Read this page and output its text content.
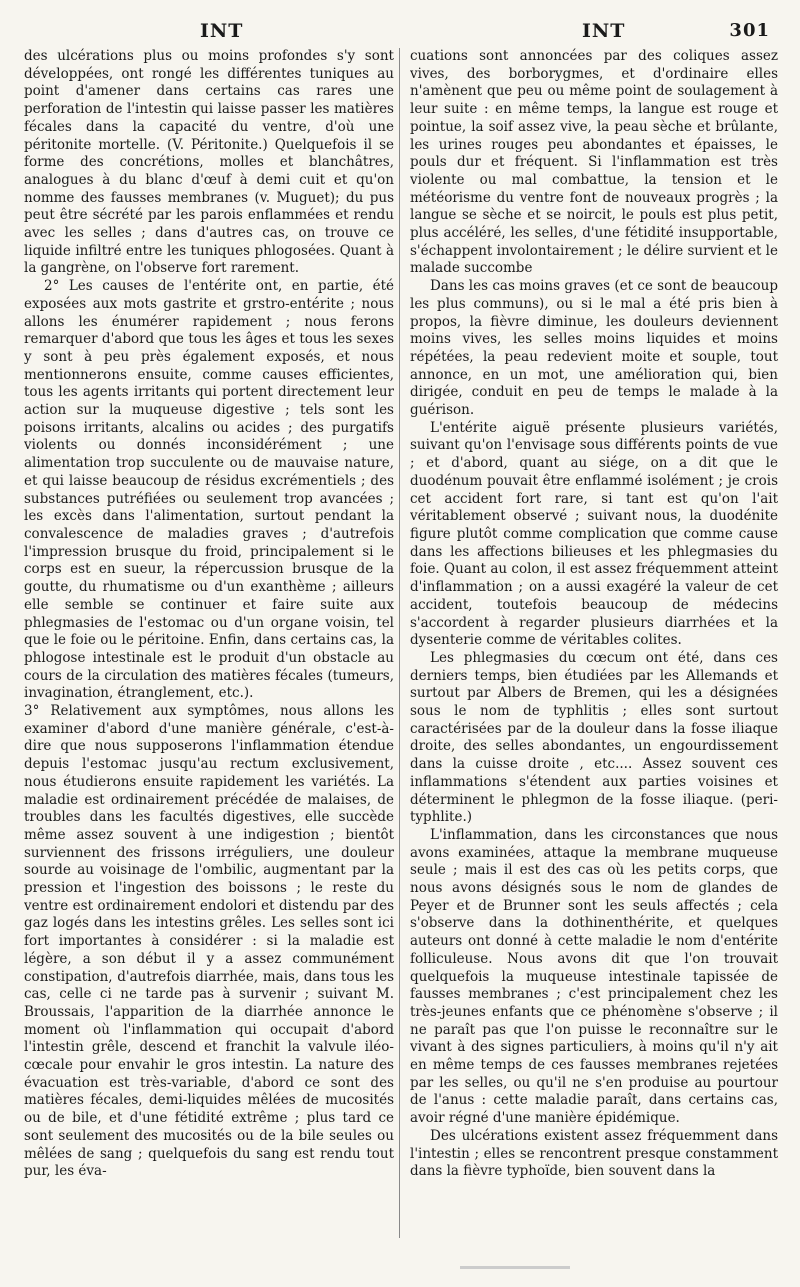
INT	INT	301

des ulcérations plus ou moins profondes s'y sont développées, ont rongé les différentes tuniques au point d'amener dans certains cas rares une perforation de l'intestin qui laisse passer les matières fécales dans la capacité du ventre, d'où une péritonite mortelle. (V. Péritonite.) Quelquefois il se forme des concrétions, molles et blanchâtres, analogues à du blanc d'œuf à demi cuit et qu'on nomme des fausses membranes (v. Muguet); du pus peut être sécrété par les parois enflammées et rendu avec les selles ; dans d'autres cas, on trouve ce liquide infiltré entre les tuniques phlogosées. Quant à la gangrène, on l'observe fort rarement.

2° Les causes de l'entérite ont, en partie, été exposées aux mots gastrite et grstro-entérite ; nous allons les énumérer rapidement ; nous ferons remarquer d'abord que tous les âges et tous les sexes y sont à peu près également exposés, et nous mentionnerons ensuite, comme causes efficientes, tous les agents irritants qui portent directement leur action sur la muqueuse digestive ; tels sont les poisons irritants, alcalins ou acides ; des purgatifs violents ou donnés inconsidérément ; une alimentation trop succulente ou de mauvaise nature, et qui laisse beaucoup de résidus excrémentiels ; des substances putréfiées ou seulement trop avancées ; les excès dans l'alimentation, surtout pendant la convalescence de maladies graves ; d'autrefois l'impression brusque du froid, principalement si le corps est en sueur, la répercussion brusque de la goutte, du rhumatisme ou d'un exanthème ; ailleurs elle semble se continuer et faire suite aux phlegmasies de l'estomac ou d'un organe voisin, tel que le foie ou le péritoine. Enfin, dans certains cas, la phlogose intestinale est le produit d'un obstacle au cours de la circulation des matières fécales (tumeurs, invagination, étranglement, etc.).

3° Relativement aux symptômes, nous allons les examiner d'abord d'une manière générale, c'est-à-dire que nous supposerons l'inflammation étendue depuis l'estomac jusqu'au rectum exclusivement, nous étudierons ensuite rapidement les variétés. La maladie est ordinairement précédée de malaises, de troubles dans les facultés digestives, elle succède même assez souvent à une indigestion ; bientôt surviennent des frissons irréguliers, une douleur sourde au voisinage de l'ombilic, augmentant par la pression et l'ingestion des boissons ; le reste du ventre est ordinairement endolori et distendu par des gaz logés dans les intestins grêles. Les selles sont ici fort importantes à considérer : si la maladie est légère, a son début il y a assez communément constipation, d'autrefois diarrhée, mais, dans tous les cas, celle ci ne tarde pas à survenir ; suivant M. Broussais, l'apparition de la diarrhée annonce le moment où l'inflammation qui occupait d'abord l'intestin grêle, descend et franchit la valvule iléo-cœcale pour envahir le gros intestin. La nature des évacuation est très-variable, d'abord ce sont des matières fécales, demi-liquides mêlées de mucosités ou de bile, et d'une fétidité extrême ; plus tard ce sont seulement des mucosités ou de la bile seules ou mêlées de sang ; quelquefois du sang est rendu tout pur, les éva-

cuations sont annoncées par des coliques assez vives, des borborygmes, et d'ordinaire elles n'amènent que peu ou même point de soulagement à leur suite : en même temps, la langue est rouge et pointue, la soif assez vive, la peau sèche et brûlante, les urines rouges peu abondantes et épaisses, le pouls dur et fréquent. Si l'inflammation est très violente ou mal combattue, la tension et le météorisme du ventre font de nouveaux progrès ; la langue se sèche et se noircit, le pouls est plus petit, plus accéléré, les selles, d'une fétidité insupportable, s'échappent involontairement ; le délire survient et le malade succombe

Dans les cas moins graves (et ce sont de beaucoup les plus communs), ou si le mal a été pris bien à propos, la fièvre diminue, les douleurs deviennent moins vives, les selles moins liquides et moins répétées, la peau redevient moite et souple, tout annonce, en un mot, une amélioration qui, bien dirigée, conduit en peu de temps le malade à la guérison.

L'entérite aiguë présente plusieurs variétés, suivant qu'on l'envisage sous différents points de vue ; et d'abord, quant au siége, on a dit que le duodénum pouvait être enflammé isolément ; je crois cet accident fort rare, si tant est qu'on l'ait véritablement observé ; suivant nous, la duodénite figure plutôt comme complication que comme cause dans les affections bilieuses et les phlegmasies du foie. Quant au colon, il est assez fréquemment atteint d'inflammation ; on a aussi exagéré la valeur de cet accident, toutefois beaucoup de médecins s'accordent à regarder plusieurs diarrhées et la dysenterie comme de véritables colites.

Les phlegmasies du cœcum ont été, dans ces derniers temps, bien étudiées par les Allemands et surtout par Albers de Bremen, qui les a désignées sous le nom de typhlitis ; elles sont surtout caractérisées par de la douleur dans la fosse iliaque droite, des selles abondantes, un engourdissement dans la cuisse droite , etc.... Assez souvent ces inflammations s'étendent aux parties voisines et déterminent le phlegmon de la fosse iliaque. (peri-typhlite.)

L'inflammation, dans les circonstances que nous avons examinées, attaque la membrane muqueuse seule ; mais il est des cas où les petits corps, que nous avons désignés sous le nom de glandes de Peyer et de Brunner sont les seuls affectés ; cela s'observe dans la dothinenthérite, et quelques auteurs ont donné à cette maladie le nom d'entérite folliculeuse. Nous avons dit que l'on trouvait quelquefois la muqueuse intestinale tapissée de fausses membranes ; c'est principalement chez les très-jeunes enfants que ce phénomène s'observe ; il ne paraît pas que l'on puisse le reconnaître sur le vivant à des signes particuliers, à moins qu'il n'y ait en même temps de ces fausses membranes rejetées par les selles, ou qu'il ne s'en produise au pourtour de l'anus : cette maladie paraît, dans certains cas, avoir régné d'une manière épidémique.

Des ulcérations existent assez fréquemment dans l'intestin ; elles se rencontrent presque constamment dans la fièvre typhoïde, bien souvent dans la
